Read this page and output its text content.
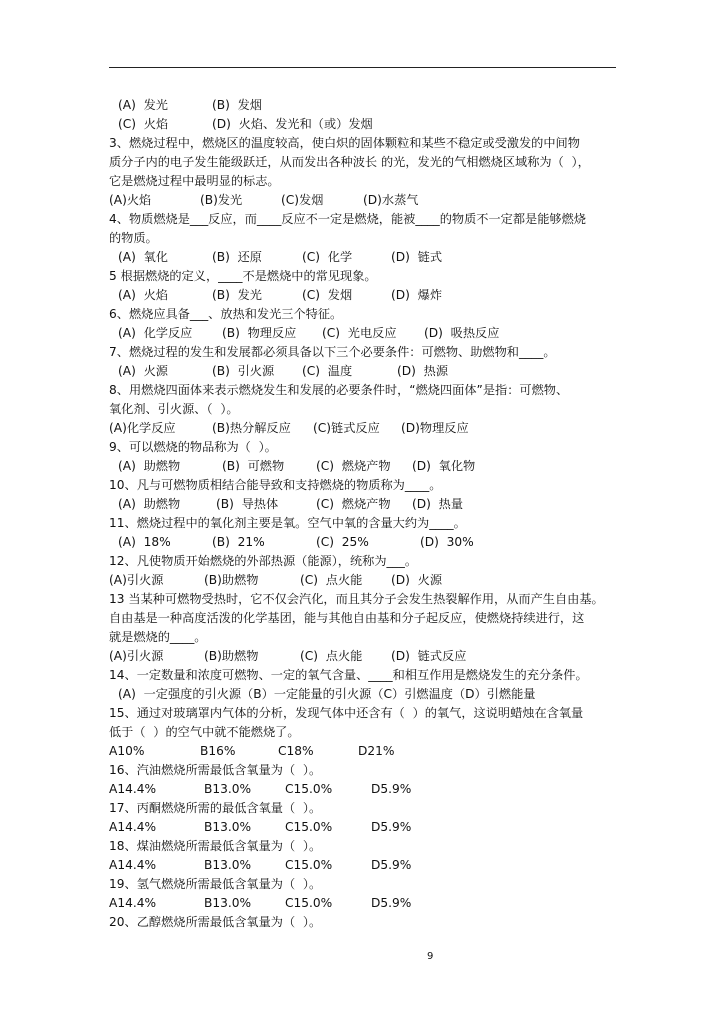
(A)  发光	(B)  发烟
(C)  火焰	(D)  火焰、发光和（或）发烟
3、燃烧过程中，燃烧区的温度较高，使白炽的固体颗粒和某些不稳定或受激发的中间物
质分子内的电子发生能级跃迁，从而发出各种波长 的光，发光的气相燃烧区域称为（  ），
它是燃烧过程中最明显的标志。
(A)火焰	(B)发光	(C)发烟	(D)水蒸气
4、物质燃烧是___反应，而____反应不一定是燃烧，能被____的物质不一定都是能够燃烧
的物质。
(A)  氧化	(B)  还原	(C)  化学	(D)  链式
5 根据燃烧的定义，____不是燃烧中的常见现象。
(A)  火焰	(B)  发光	(C)  发烟	(D)  爆炸
6、燃烧应具备___、放热和发光三个特征。
(A)  化学反应 (B)  物理反应 (C)  光电反应 (D)  吸热反应
7、燃烧过程的发生和发展都必须具备以下三个必要条件：可燃物、助燃物和____。
(A)  火源	(B)  引火源 (C)  温度	(D)  热源
8、用燃烧四面体来表示燃烧发生和发展的必要条件时，“燃烧四面体”是指：可燃物、
氧化剂、引火源、（  ）。
(A)化学反应	(B)热分解反应 (C)链式反应 (D)物理反应
9、可以燃烧的物品称为（  ）。
(A)  助燃物	(B)  可燃物	(C)  燃烧产物 (D)  氧化物
10、凡与可燃物质相结合能导致和支持燃烧的物质称为____。
(A)  助燃物	(B)  导热体	(C)  燃烧产物 (D)  热量
11、燃烧过程中的氧化剂主要是氧。空气中氧的含量大约为____。
(A)  18%	(B)  21%	(C)  25%	(D)  30%
12、凡使物质开始燃烧的外部热源（能源），统称为___。
(A)引火源	(B)助燃物	(C)  点火能 (D)  火源
13 当某种可燃物受热时，它不仅会汽化，而且其分子会发生热裂解作用，从而产生自由基。
自由基是一种高度活泼的化学基团，能与其他自由基和分子起反应，使燃烧持续进行，这
就是燃烧的____。
(A)引火源	(B)助燃物	(C)  点火能 (D)  链式反应
14、一定数量和浓度可燃物、一定的氧气含量、____和相互作用是燃烧发生的充分条件。
(A)  一定强度的引火源（B）一定能量的引火源（C）引燃温度（D）引燃能量
15、通过对玻璃罩内气体的分析，发现气体中还含有（  ）的氧气，这说明蜡烛在含氧量
低于（  ）的空气中就不能燃烧了。
A10%	B16%	C18%	D21%
16、汽油燃烧所需最低含氧量为（  ）。
A14.4%	B13.0%	C15.0%	D5.9%
17、丙酮燃烧所需的最低含氧量（  ）。
A14.4%	B13.0%	C15.0%	D5.9%
18、煤油燃烧所需最低含氧量为（  ）。
A14.4%	B13.0%	C15.0%	D5.9%
19、氢气燃烧所需最低含氧量为（  ）。
A14.4%	B13.0%	C15.0%	D5.9%
20、乙醇燃烧所需最低含氧量为（  ）。
9
